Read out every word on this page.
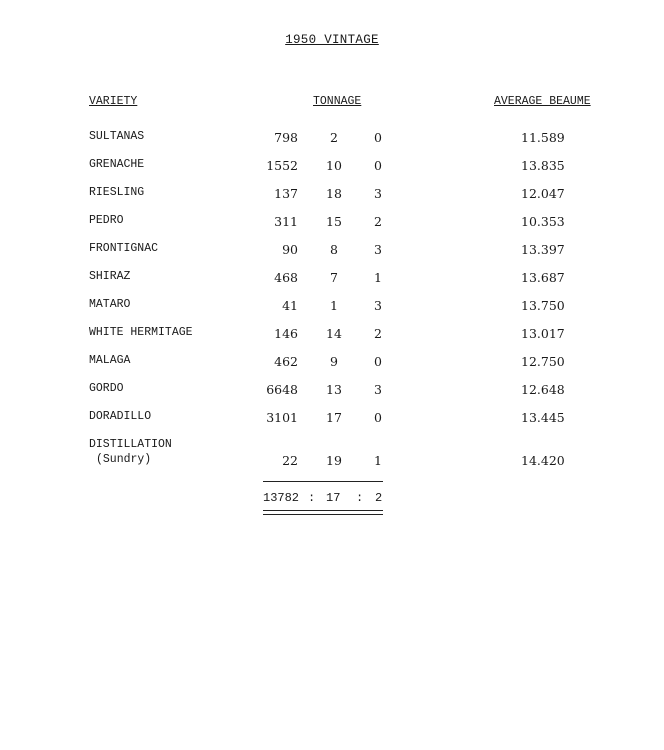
1950 VINTAGE
VARIETY	TONNAGE	AVERAGE BEAUME
SULTANAS	798	2	0	11.589
GRENACHE	1552	10	0	13.835
RIESLING	137	18	3	12.047
PEDRO	311	15	2	10.353
FRONTIGNAC	90	8	3	13.397
SHIRAZ	468	7	1	13.687
MATARO	41	1	3	13.750
WHITE HERMITAGE	146	14	2	13.017
MALAGA	462	9	0	12.750
GORDO	6648	13	3	12.648
DORADILLO	3101	17	0	13.445
DISTILLATION
(Sundry)	22	19	1	14.420
13782 : 17 : 2
